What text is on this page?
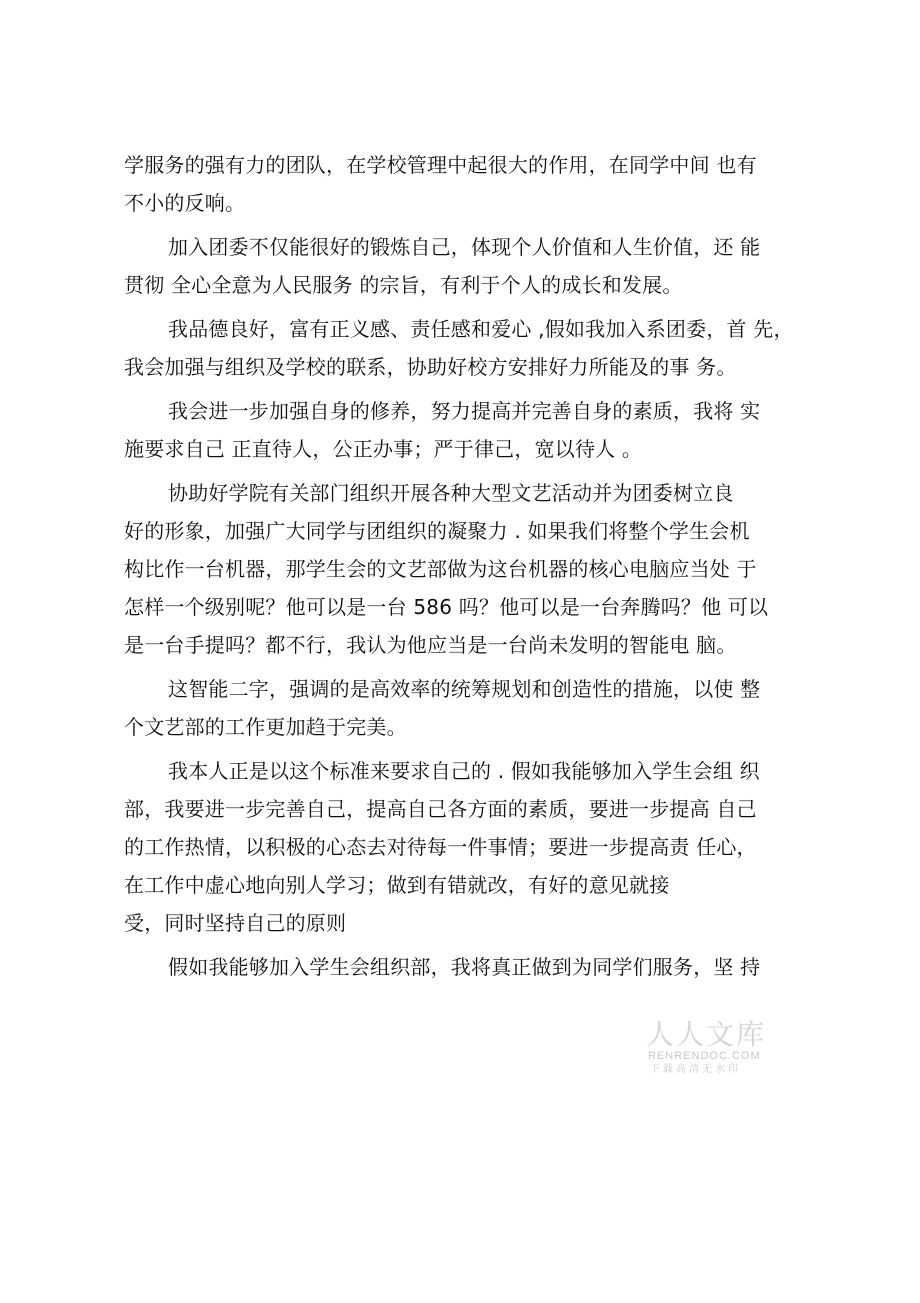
学服务的强有力的团队，在学校管理中起很大的作用，在同学中间 也有
不小的反响。

加入团委不仅能很好的锻炼自己，体现个人价值和人生价值，还 能
贯彻 全心全意为人民服务 的宗旨，有利于个人的成长和发展。

我品德良好，富有正义感、责任感和爱心 ,假如我加入系团委，首 先，
我会加强与组织及学校的联系，协助好校方安排好力所能及的事 务。

我会进一步加强自身的修养，努力提高并完善自身的素质，我将 实
施要求自己 正直待人，公正办事；严于律己，宽以待人 。

协助好学院有关部门组织开展各种大型文艺活动并为团委树立良
好的形象，加强广大同学与团组织的凝聚力 . 如果我们将整个学生会机
构比作一台机器，那学生会的文艺部做为这台机器的核心电脑应当处 于
怎样一个级别呢？他可以是一台 586 吗？他可以是一台奔腾吗？他 可以
是一台手提吗？都不行，我认为他应当是一台尚未发明的智能电 脑。

这智能二字，强调的是高效率的统筹规划和创造性的措施，以使 整
个文艺部的工作更加趋于完美。

我本人正是以这个标准来要求自己的 . 假如我能够加入学生会组 织
部，我要进一步完善自己，提高自己各方面的素质，要进一步提高 自己
的工作热情，以积极的心态去对待每一件事情；要进一步提高责 任心，
在工作中虚心地向别人学习；做到有错就改，有好的意见就接
受，同时坚持自己的原则

假如我能够加入学生会组织部，我将真正做到为同学们服务，坚 持

人人文库
RENRENDOC.COM
下载高清无水印
